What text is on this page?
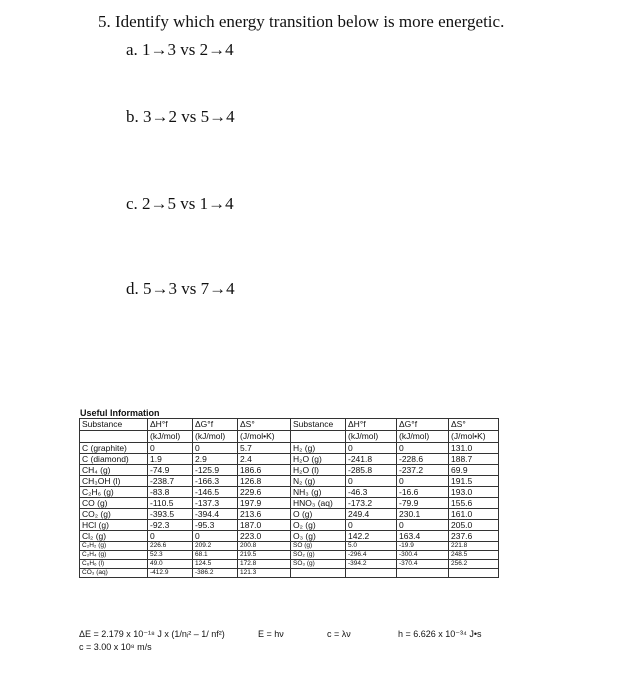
5. Identify which energy transition below is more energetic.
a. 1→3 vs 2→4
b. 3→2 vs 5→4
c. 2→5 vs 1→4
d. 5→3 vs 7→4
Useful Information
Substance	ΔH°f	ΔG°f	ΔS°	Substance	ΔH°f	ΔG°f	ΔS°
	(kJ/mol)	(kJ/mol)	(J/mol•K)		(kJ/mol)	(kJ/mol)	(J/mol•K)
C (graphite)	0	0	5.7	H₂ (g)	0	0	131.0
C (diamond)	1.9	2.9	2.4	H₂O (g)	-241.8	-228.6	188.7
CH₄ (g)	-74.9	-125.9	186.6	H₂O (l)	-285.8	-237.2	69.9
CH₃OH (l)	-238.7	-166.3	126.8	N₂ (g)	0	0	191.5
C₂H₆ (g)	-83.8	-146.5	229.6	NH₃ (g)	-46.3	-16.6	193.0
CO (g)	-110.5	-137.3	197.9	HNO₃ (aq)	-173.2	-79.9	155.6
CO₂ (g)	-393.5	-394.4	213.6	O (g)	249.4	230.1	161.0
HCl (g)	-92.3	-95.3	187.0	O₂ (g)	0	0	205.0
Cl₂ (g)	0	0	223.0	O₃ (g)	142.2	163.4	237.6
C₂H₂ (g)	226.6	209.2	200.8	SO (g)	5.0	-19.9	221.8
C₂H₄ (g)	52.3	68.1	219.5	SO₂ (g)	-296.4	-300.4	248.5
C₆H₆ (l)	49.0	124.5	172.8	SO₃ (g)	-394.2	-370.4	256.2
CO₃ (aq)	-412.9	-386.2	121.3				
ΔE = 2.179 x 10⁻¹⁸ J x (1/nᵢ² – 1/ nf²)
c = 3.00 x 10⁸ m/s
E = hν	c = λν	h = 6.626 x 10⁻³⁴ J•s
